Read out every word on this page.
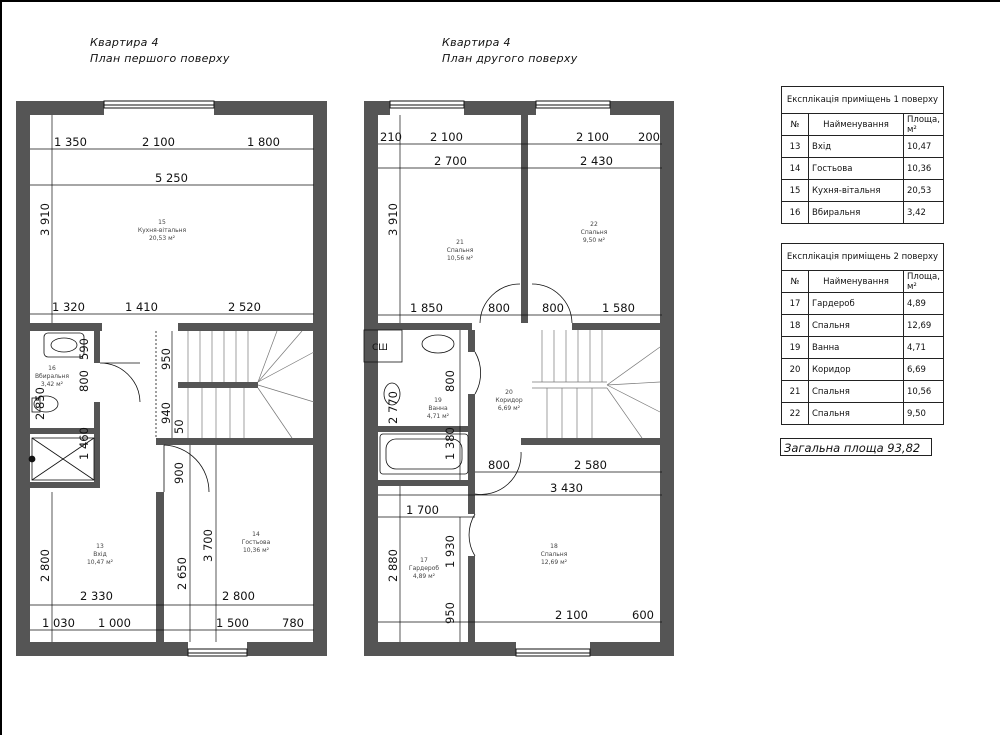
Квартира 4
План першого поверху
Квартира 4
План другого поверху
1 350	2 100	1 800
5 250
3 910
1 320	1 410	2 520
590
800
2 850
1 460
950
940
50
900
2 800
2 330
1 030 1 000
2 650
3 700
2 800
1 500	780
15
Кухня-вітальня
20,53 м²
16
Вбиральня
3,42 м²
13
Вхід
10,47 м²
14
Гостьова
10,36 м²
210 2 100	2 100	200
2 700	2 430
3 910
1 850	800	800	1 580
800
2 770
1 380
800	2 580
3 430
1 700
1 930
2 880
950	2 100	600
СШ
21
Спальня
10,56 м²
22
Спальня
9,50 м²
20
Коридор
6,69 м²
19
Ванна
4,71 м²
17
Гардероб
4,89 м²
18
Спальня
12,69 м²
Експлікація приміщень 1 поверху		
№	Найменування	Площа, м²
13	Вхід	10,47
14	Гостьова	10,36
15	Кухня-вітальня	20,53
16	Вбиральня	3,42
Експлікація приміщень 2 поверху		
№	Найменування	Площа, м²
17	Гардероб	4,89
18	Спальня	12,69
19	Ванна	4,71
20	Коридор	6,69
21	Спальня	10,56
22	Спальня	9,50
Загальна площа 93,82
